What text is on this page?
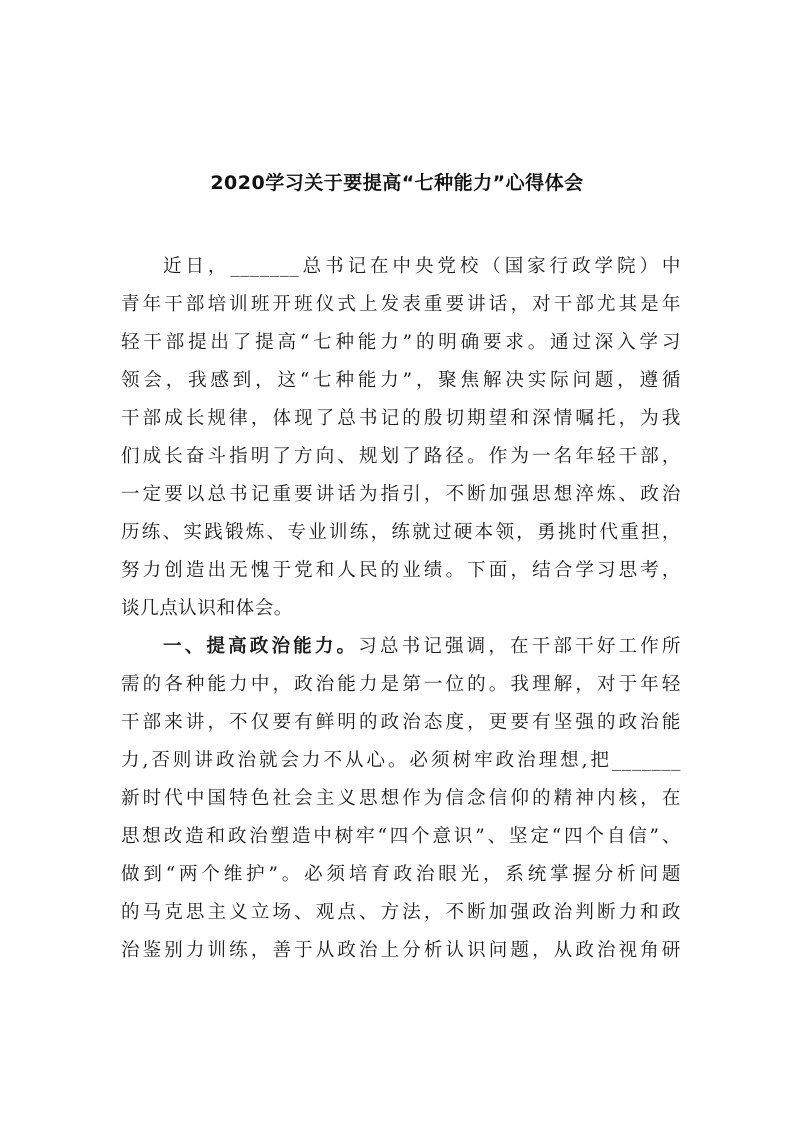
2020学习关于要提高“七种能力”心得体会
近日，_______总书记在中央党校（国家行政学院）中
青年干部培训班开班仪式上发表重要讲话，对干部尤其是年
轻干部提出了提高“七种能力”的明确要求。通过深入学习
领会，我感到，这“七种能力”，聚焦解决实际问题，遵循
干部成长规律，体现了总书记的殷切期望和深情嘱托，为我
们成长奋斗指明了方向、规划了路径。作为一名年轻干部，
一定要以总书记重要讲话为指引，不断加强思想淬炼、政治
历练、实践锻炼、专业训练，练就过硬本领，勇挑时代重担，
努力创造出无愧于党和人民的业绩。下面，结合学习思考，
谈几点认识和体会。
一、提高政治能力。习总书记强调，在干部干好工作所
需的各种能力中，政治能力是第一位的。我理解，对于年轻
干部来讲，不仅要有鲜明的政治态度，更要有坚强的政治能
力,否则讲政治就会力不从心。必须树牢政治理想,把_______
新时代中国特色社会主义思想作为信念信仰的精神内核，在
思想改造和政治塑造中树牢“四个意识”、坚定“四个自信”、
做到“两个维护”。必须培育政治眼光，系统掌握分析问题
的马克思主义立场、观点、方法，不断加强政治判断力和政
治鉴别力训练，善于从政治上分析认识问题，从政治视角研
